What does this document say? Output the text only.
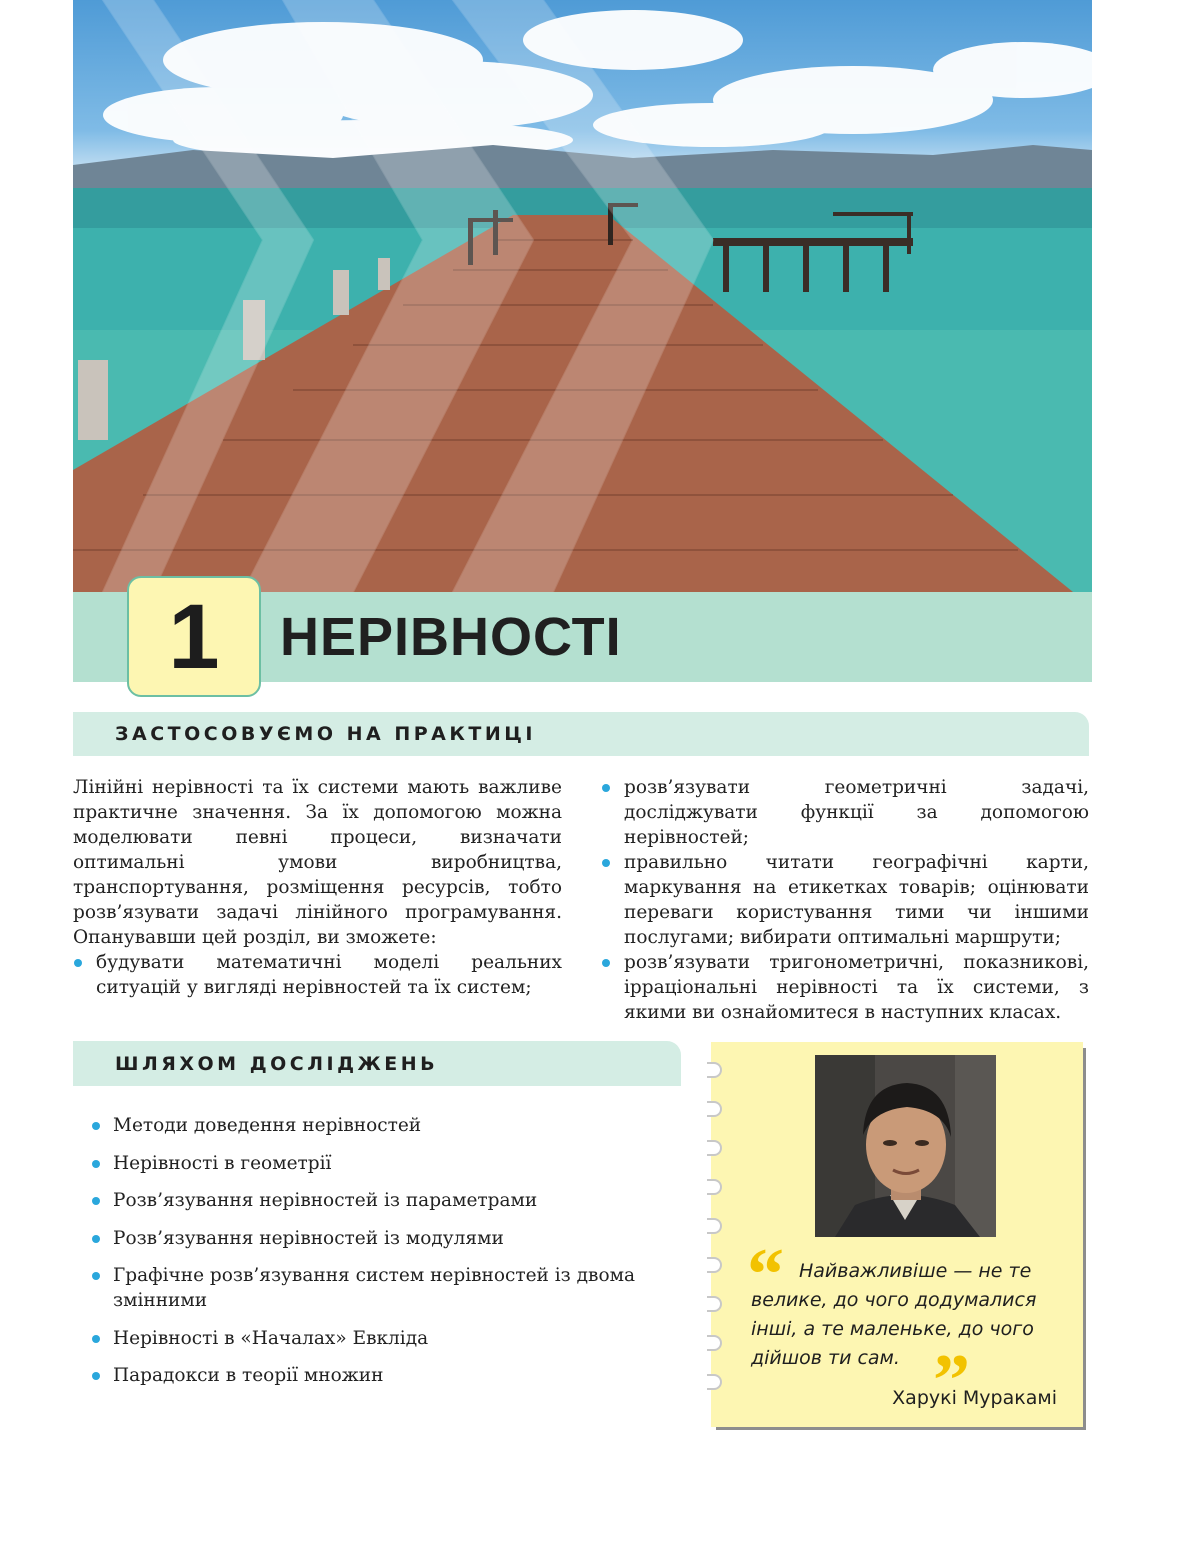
1 НЕРІВНОСТІ
ЗАСТОСОВУЄМО НА ПРАКТИЦІ

Лінійні нерівності та їх системи мають важливе практичне значення. За їх допомогою можна моделювати певні процеси, визначати оптимальні умови виробництва, транспортування, розміщення ресурсів, тобто розв’язувати задачі лінійного програмування. Опанувавши цей розділ, ви зможете:

будувати математичні моделі реальних ситуацій у вигляді нерівностей та їх систем;
розв’язувати геометричні задачі, досліджувати функції за допомогою нерівностей;
правильно читати географічні карти, маркування на етикетках товарів; оцінювати переваги користування тими чи іншими послугами; вибирати оптимальні маршрути;
розв’язувати тригонометричні, показникові, ірраціональні нерівності та їх системи, з якими ви ознайомитеся в наступних класах.
ШЛЯХОМ ДОСЛІДЖЕНЬ
Методи доведення нерівностей
Нерівності в геометрії
Розв’язування нерівностей із параметрами
Розв’язування нерівностей із модулями
Графічне розв’язування систем нерівностей із двома змінними
Нерівності в «Началах» Евкліда
Парадокси в теорії множин
“ Найважливіше — не те велике, до чого додумалися інші, а те маленьке, до чого дійшов ти сам. ”
Харукі Муракамі
